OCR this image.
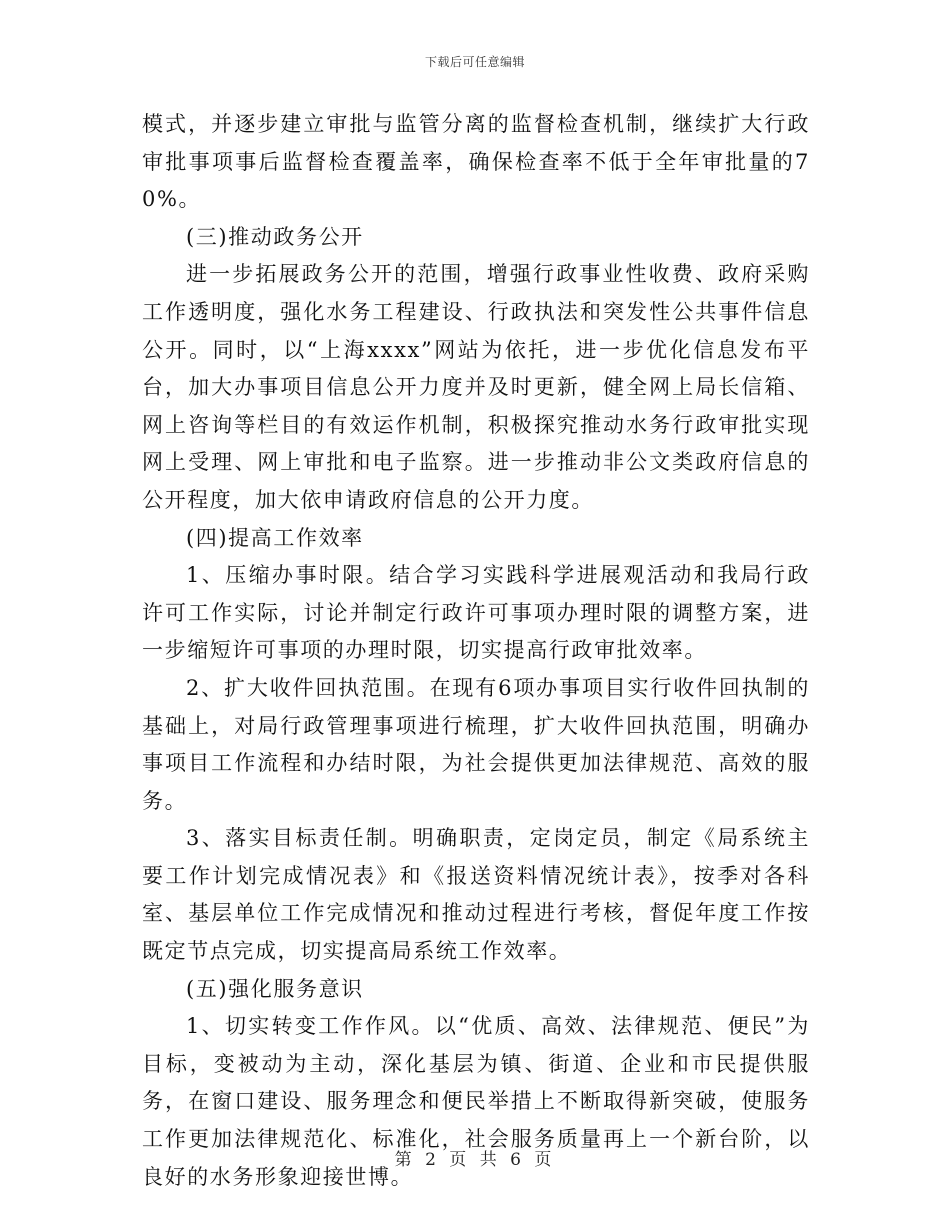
下载后可任意编辑

模式，并逐步建立审批与监管分离的监督检查机制，继续扩大行政审批事项事后监督检查覆盖率，确保检查率不低于全年审批量的70%。

(三)推动政务公开

进一步拓展政务公开的范围，增强行政事业性收费、政府采购工作透明度，强化水务工程建设、行政执法和突发性公共事件信息公开。同时，以“上海xxxx”网站为依托，进一步优化信息发布平台，加大办事项目信息公开力度并及时更新，健全网上局长信箱、网上咨询等栏目的有效运作机制，积极探究推动水务行政审批实现网上受理、网上审批和电子监察。进一步推动非公文类政府信息的公开程度，加大依申请政府信息的公开力度。

(四)提高工作效率

1、压缩办事时限。结合学习实践科学进展观活动和我局行政许可工作实际，讨论并制定行政许可事项办理时限的调整方案，进一步缩短许可事项的办理时限，切实提高行政审批效率。

2、扩大收件回执范围。在现有6项办事项目实行收件回执制的基础上，对局行政管理事项进行梳理，扩大收件回执范围，明确办事项目工作流程和办结时限，为社会提供更加法律规范、高效的服务。

3、落实目标责任制。明确职责，定岗定员，制定《局系统主要工作计划完成情况表》和《报送资料情况统计表》，按季对各科室、基层单位工作完成情况和推动过程进行考核，督促年度工作按既定节点完成，切实提高局系统工作效率。

(五)强化服务意识

1、切实转变工作作风。以“优质、高效、法律规范、便民”为目标，变被动为主动，深化基层为镇、街道、企业和市民提供服务，在窗口建设、服务理念和便民举措上不断取得新突破，使服务工作更加法律规范化、标准化，社会服务质量再上一个新台阶，以良好的水务形象迎接世博。

第 2 页 共 6 页
